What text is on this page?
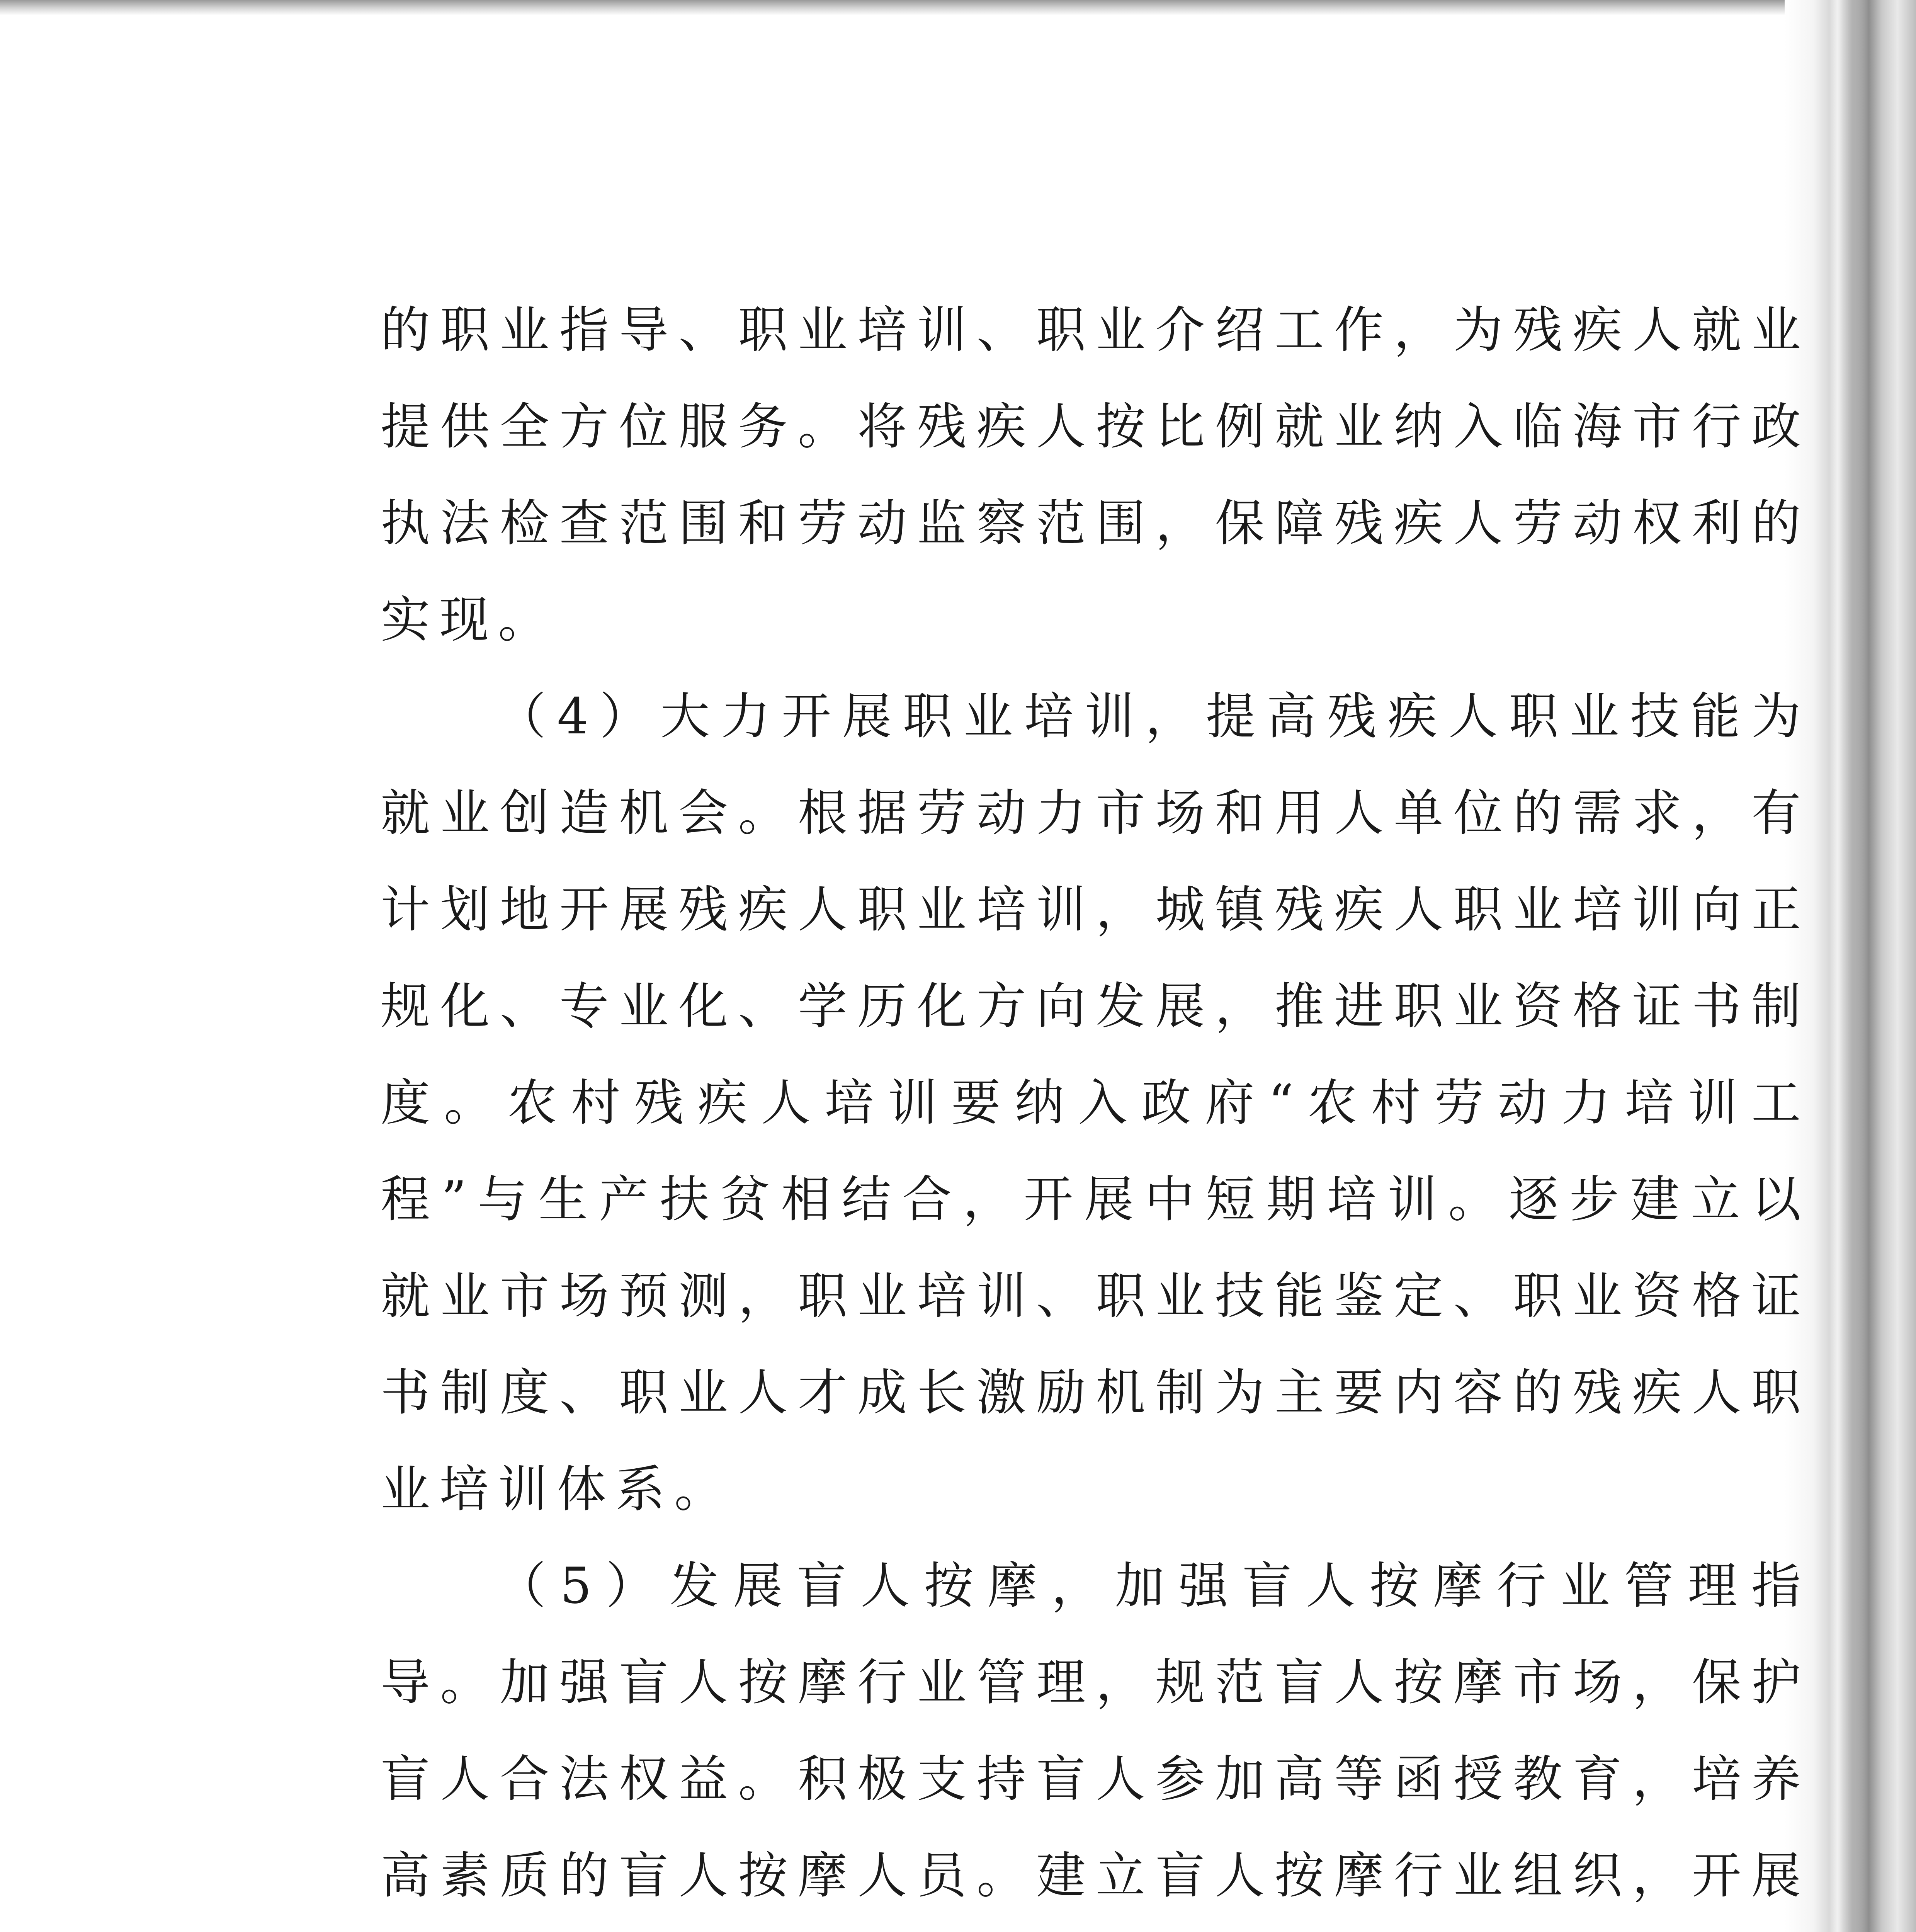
的职业指导、职业培训、职业介绍工作，为残疾人就业提供全方位服务。将残疾人按比例就业纳入临海市行政执法检查范围和劳动监察范围，保障残疾人劳动权利的实现。

（4）大力开展职业培训，提高残疾人职业技能为就业创造机会。根据劳动力市场和用人单位的需求，有计划地开展残疾人职业培训，城镇残疾人职业培训向正规化、专业化、学历化方向发展，推进职业资格证书制度。农村残疾人培训要纳入政府“农村劳动力培训工程”与生产扶贫相结合，开展中短期培训。逐步建立以就业市场预测，职业培训、职业技能鉴定、职业资格证书制度、职业人才成长激励机制为主要内容的残疾人职业培训体系。

（5）发展盲人按摩，加强盲人按摩行业管理指导。加强盲人按摩行业管理，规范盲人按摩市场，保护盲人合法权益。积极支持盲人参加高等函授教育，培养高素质的盲人按摩人员。建立盲人按摩行业组织，开展
